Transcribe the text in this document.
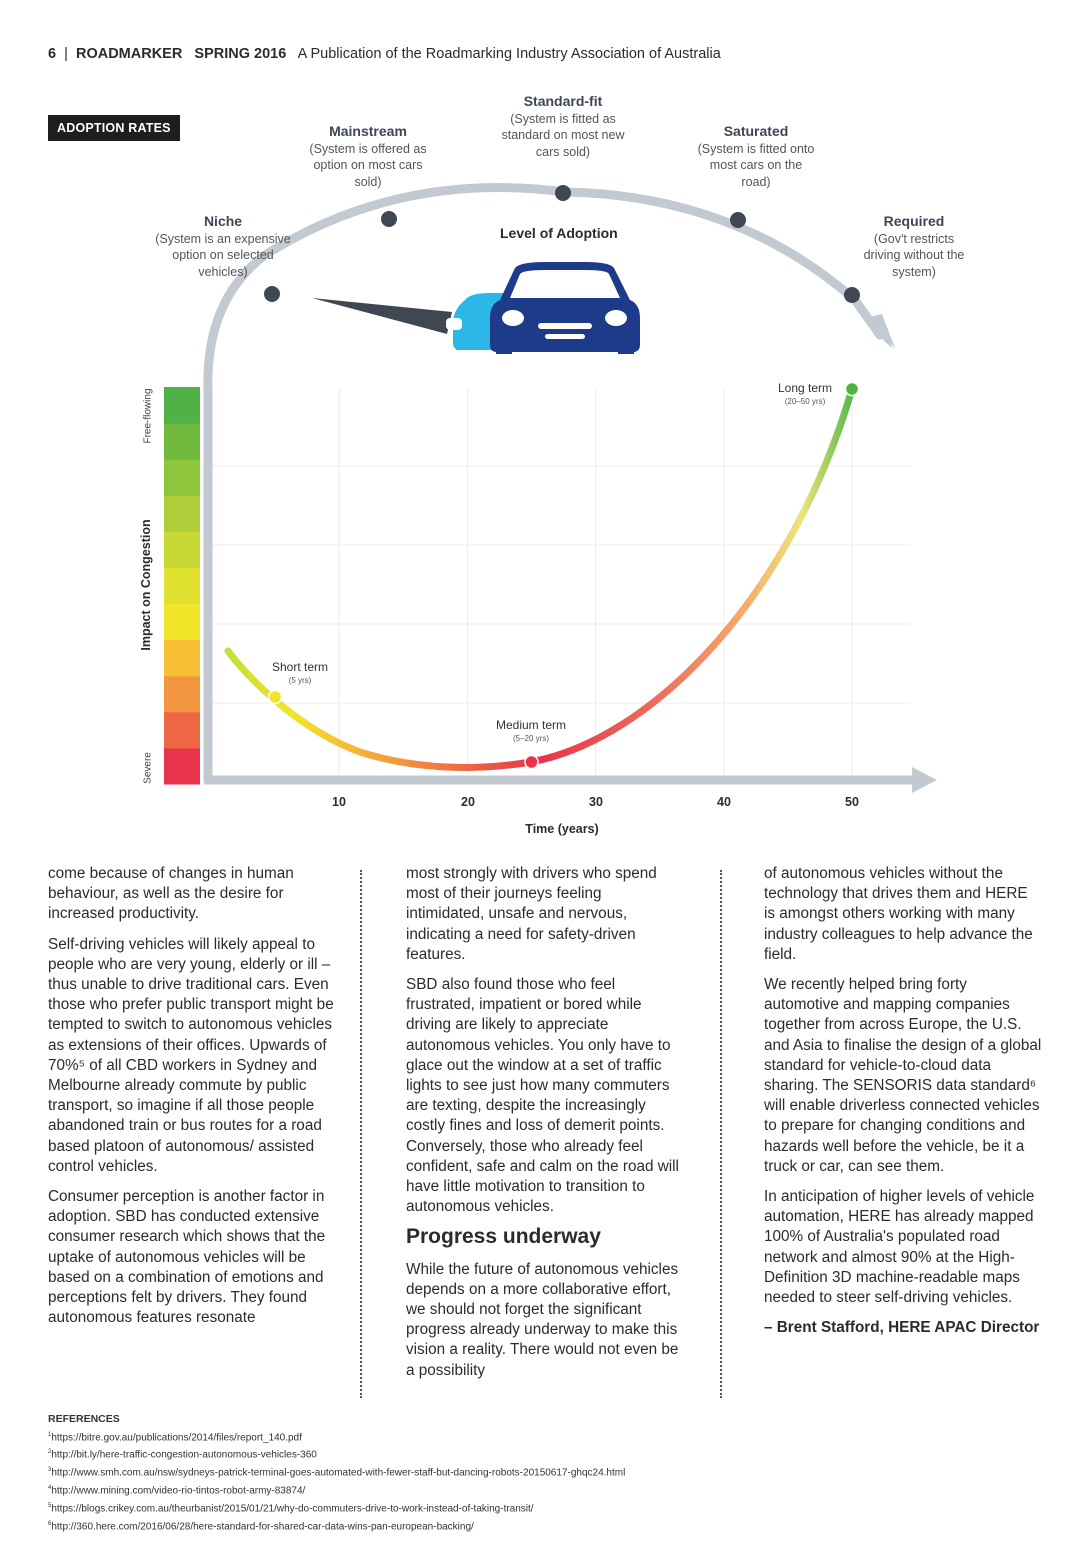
6 | ROADMARKER SPRING 2016 A Publication of the Roadmarking Industry Association of Australia
ADOPTION RATES
Niche
(System is an expensive option on selected vehicles)
Mainstream
(System is offered as option on most cars sold)
Standard-fit
(System is fitted as standard on most new cars sold)
Saturated
(System is fitted onto most cars on the road)
Required
(Gov't restricts driving without the system)
Level of Adoption
Impact on Congestion
Free-flowing
Severe
10	20	30	40	50
Time (years)
Short term
(5 yrs)
Medium term
(5–20 yrs)
Long term
(20–50 yrs)

come because of changes in human behaviour, as well as the desire for increased productivity.

Self-driving vehicles will likely appeal to people who are very young, elderly or ill – thus unable to drive traditional cars. Even those who prefer public transport might be tempted to switch to autonomous vehicles as extensions of their offices. Upwards of 70%⁵ of all CBD workers in Sydney and Melbourne already commute by public transport, so imagine if all those people abandoned train or bus routes for a road based platoon of autonomous/ assisted control vehicles.

Consumer perception is another factor in adoption. SBD has conducted extensive consumer research which shows that the uptake of autonomous vehicles will be based on a combination of emotions and perceptions felt by drivers. They found autonomous features resonate

most strongly with drivers who spend most of their journeys feeling intimidated, unsafe and nervous, indicating a need for safety-driven features.

SBD also found those who feel frustrated, impatient or bored while driving are likely to appreciate autonomous vehicles. You only have to glace out the window at a set of traffic lights to see just how many commuters are texting, despite the increasingly costly fines and loss of demerit points. Conversely, those who already feel confident, safe and calm on the road will have little motivation to transition to autonomous vehicles.

Progress underway

While the future of autonomous vehicles depends on a more collaborative effort, we should not forget the significant progress already underway to make this vision a reality. There would not even be a possibility

of autonomous vehicles without the technology that drives them and HERE is amongst others working with many industry colleagues to help advance the field.

We recently helped bring forty automotive and mapping companies together from across Europe, the U.S. and Asia to finalise the design of a global standard for vehicle-to-cloud data sharing. The SENSORIS data standard⁶ will enable driverless connected vehicles to prepare for changing conditions and hazards well before the vehicle, be it a truck or car, can see them.

In anticipation of higher levels of vehicle automation, HERE has already mapped 100% of Australia's populated road network and almost 90% at the High-Definition 3D machine-readable maps needed to steer self-driving vehicles.

– Brent Stafford, HERE APAC Director

REFERENCES
$^1$https://bitre.gov.au/publications/2014/files/report_140.pdf
$^2$http://bit.ly/here-traffic-congestion-autonomous-vehicles-360
$^3$http://www.smh.com.au/nsw/sydneys-patrick-terminal-goes-automated-with-fewer-staff-but-dancing-robots-20150617-ghqc24.html
$^4$http://www.mining.com/video-rio-tintos-robot-army-83874/
$^5$https://blogs.crikey.com.au/theurbanist/2015/01/21/why-do-commuters-drive-to-work-instead-of-taking-transit/
$^6$http://360.here.com/2016/06/28/here-standard-for-shared-car-data-wins-pan-european-backing/
